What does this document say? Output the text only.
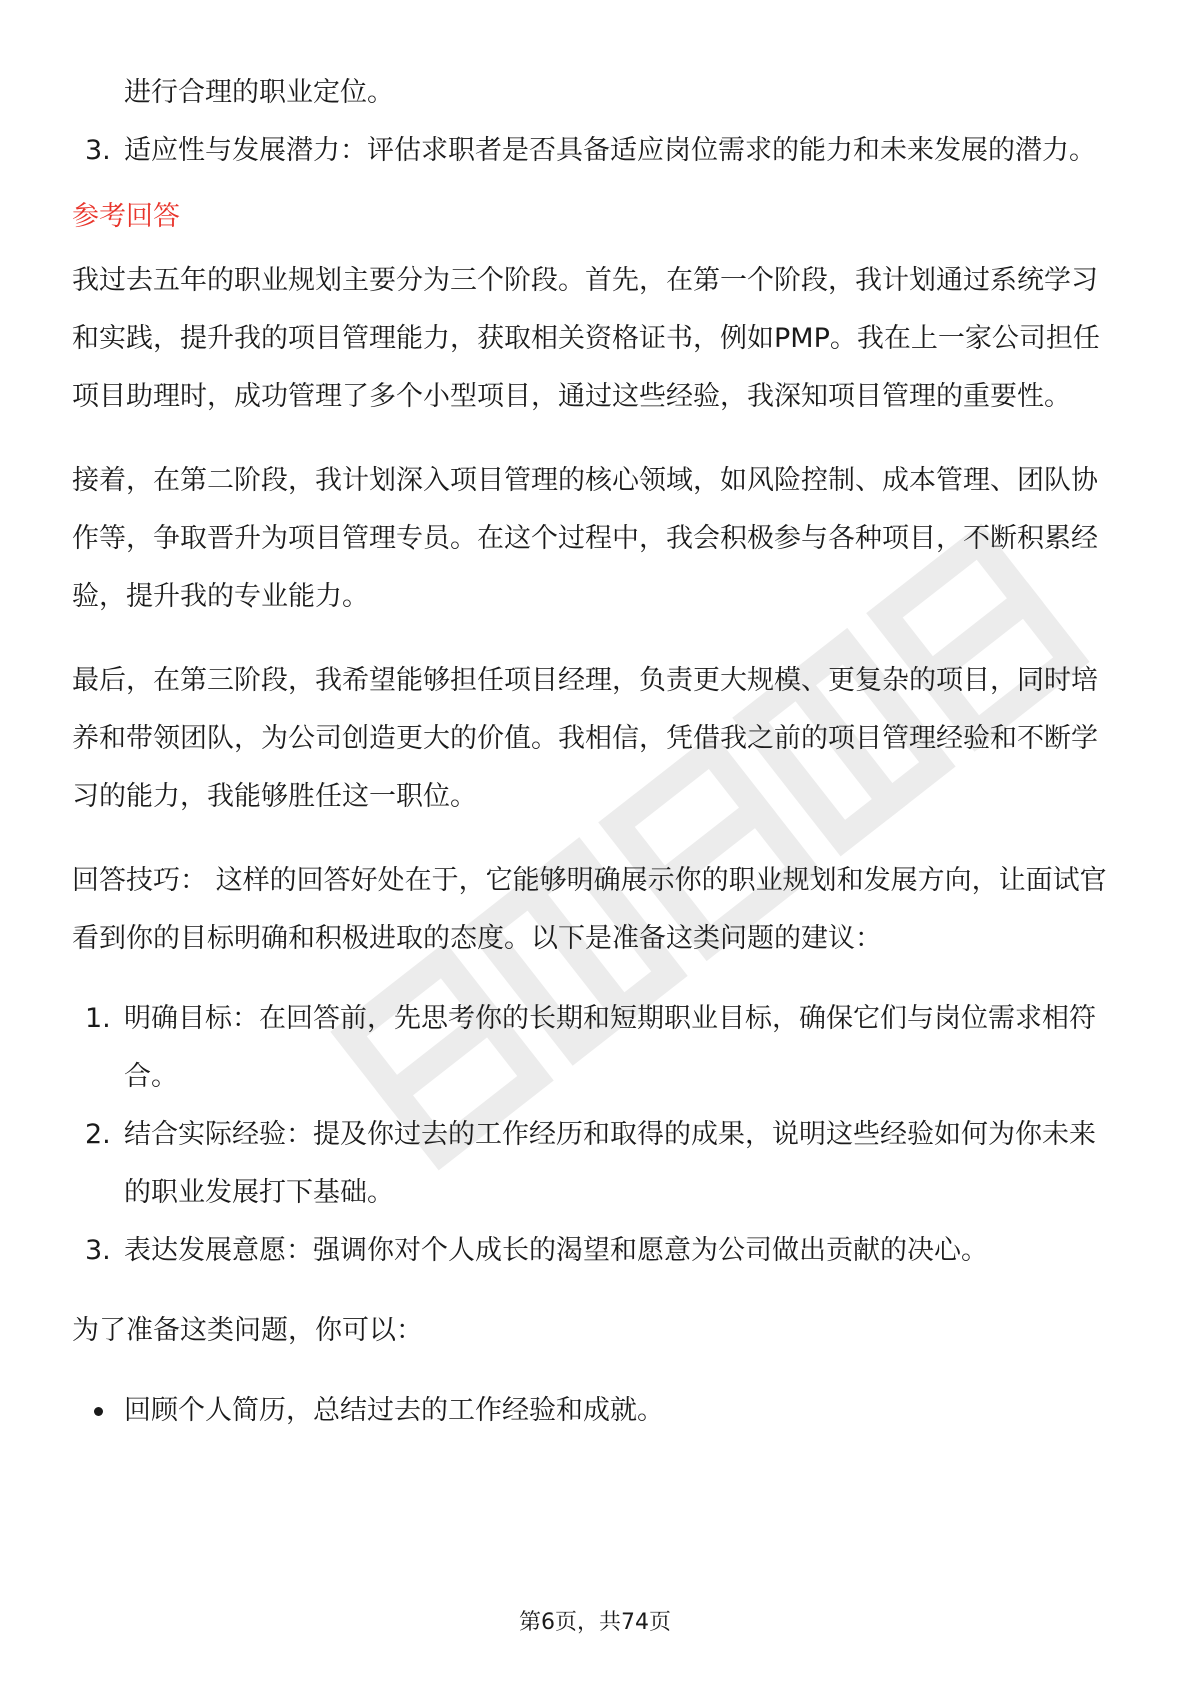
进行合理的职业定位。
3. 适应性与发展潜力：评估求职者是否具备适应岗位需求的能力和未来发展的潜力。
参考回答

我过去五年的职业规划主要分为三个阶段。首先，在第一个阶段，我计划通过系统学习和实践，提升我的项目管理能力，获取相关资格证书，例如PMP。我在上一家公司担任项目助理时，成功管理了多个小型项目，通过这些经验，我深知项目管理的重要性。

接着，在第二阶段，我计划深入项目管理的核心领域，如风险控制、成本管理、团队协作等，争取晋升为项目管理专员。在这个过程中，我会积极参与各种项目，不断积累经验，提升我的专业能力。

最后，在第三阶段，我希望能够担任项目经理，负责更大规模、更复杂的项目，同时培养和带领团队，为公司创造更大的价值。我相信，凭借我之前的项目管理经验和不断学习的能力，我能够胜任这一职位。

回答技巧： 这样的回答好处在于，它能够明确展示你的职业规划和发展方向，让面试官看到你的目标明确和积极进取的态度。以下是准备这类问题的建议：

1. 明确目标：在回答前，先思考你的长期和短期职业目标，确保它们与岗位需求相符合。
2. 结合实际经验：提及你过去的工作经历和取得的成果，说明这些经验如何为你未来的职业发展打下基础。
3. 表达发展意愿：强调你对个人成长的渴望和愿意为公司做出贡献的决心。

为了准备这类问题，你可以：

回顾个人简历，总结过去的工作经验和成就。
第6页，共74页
